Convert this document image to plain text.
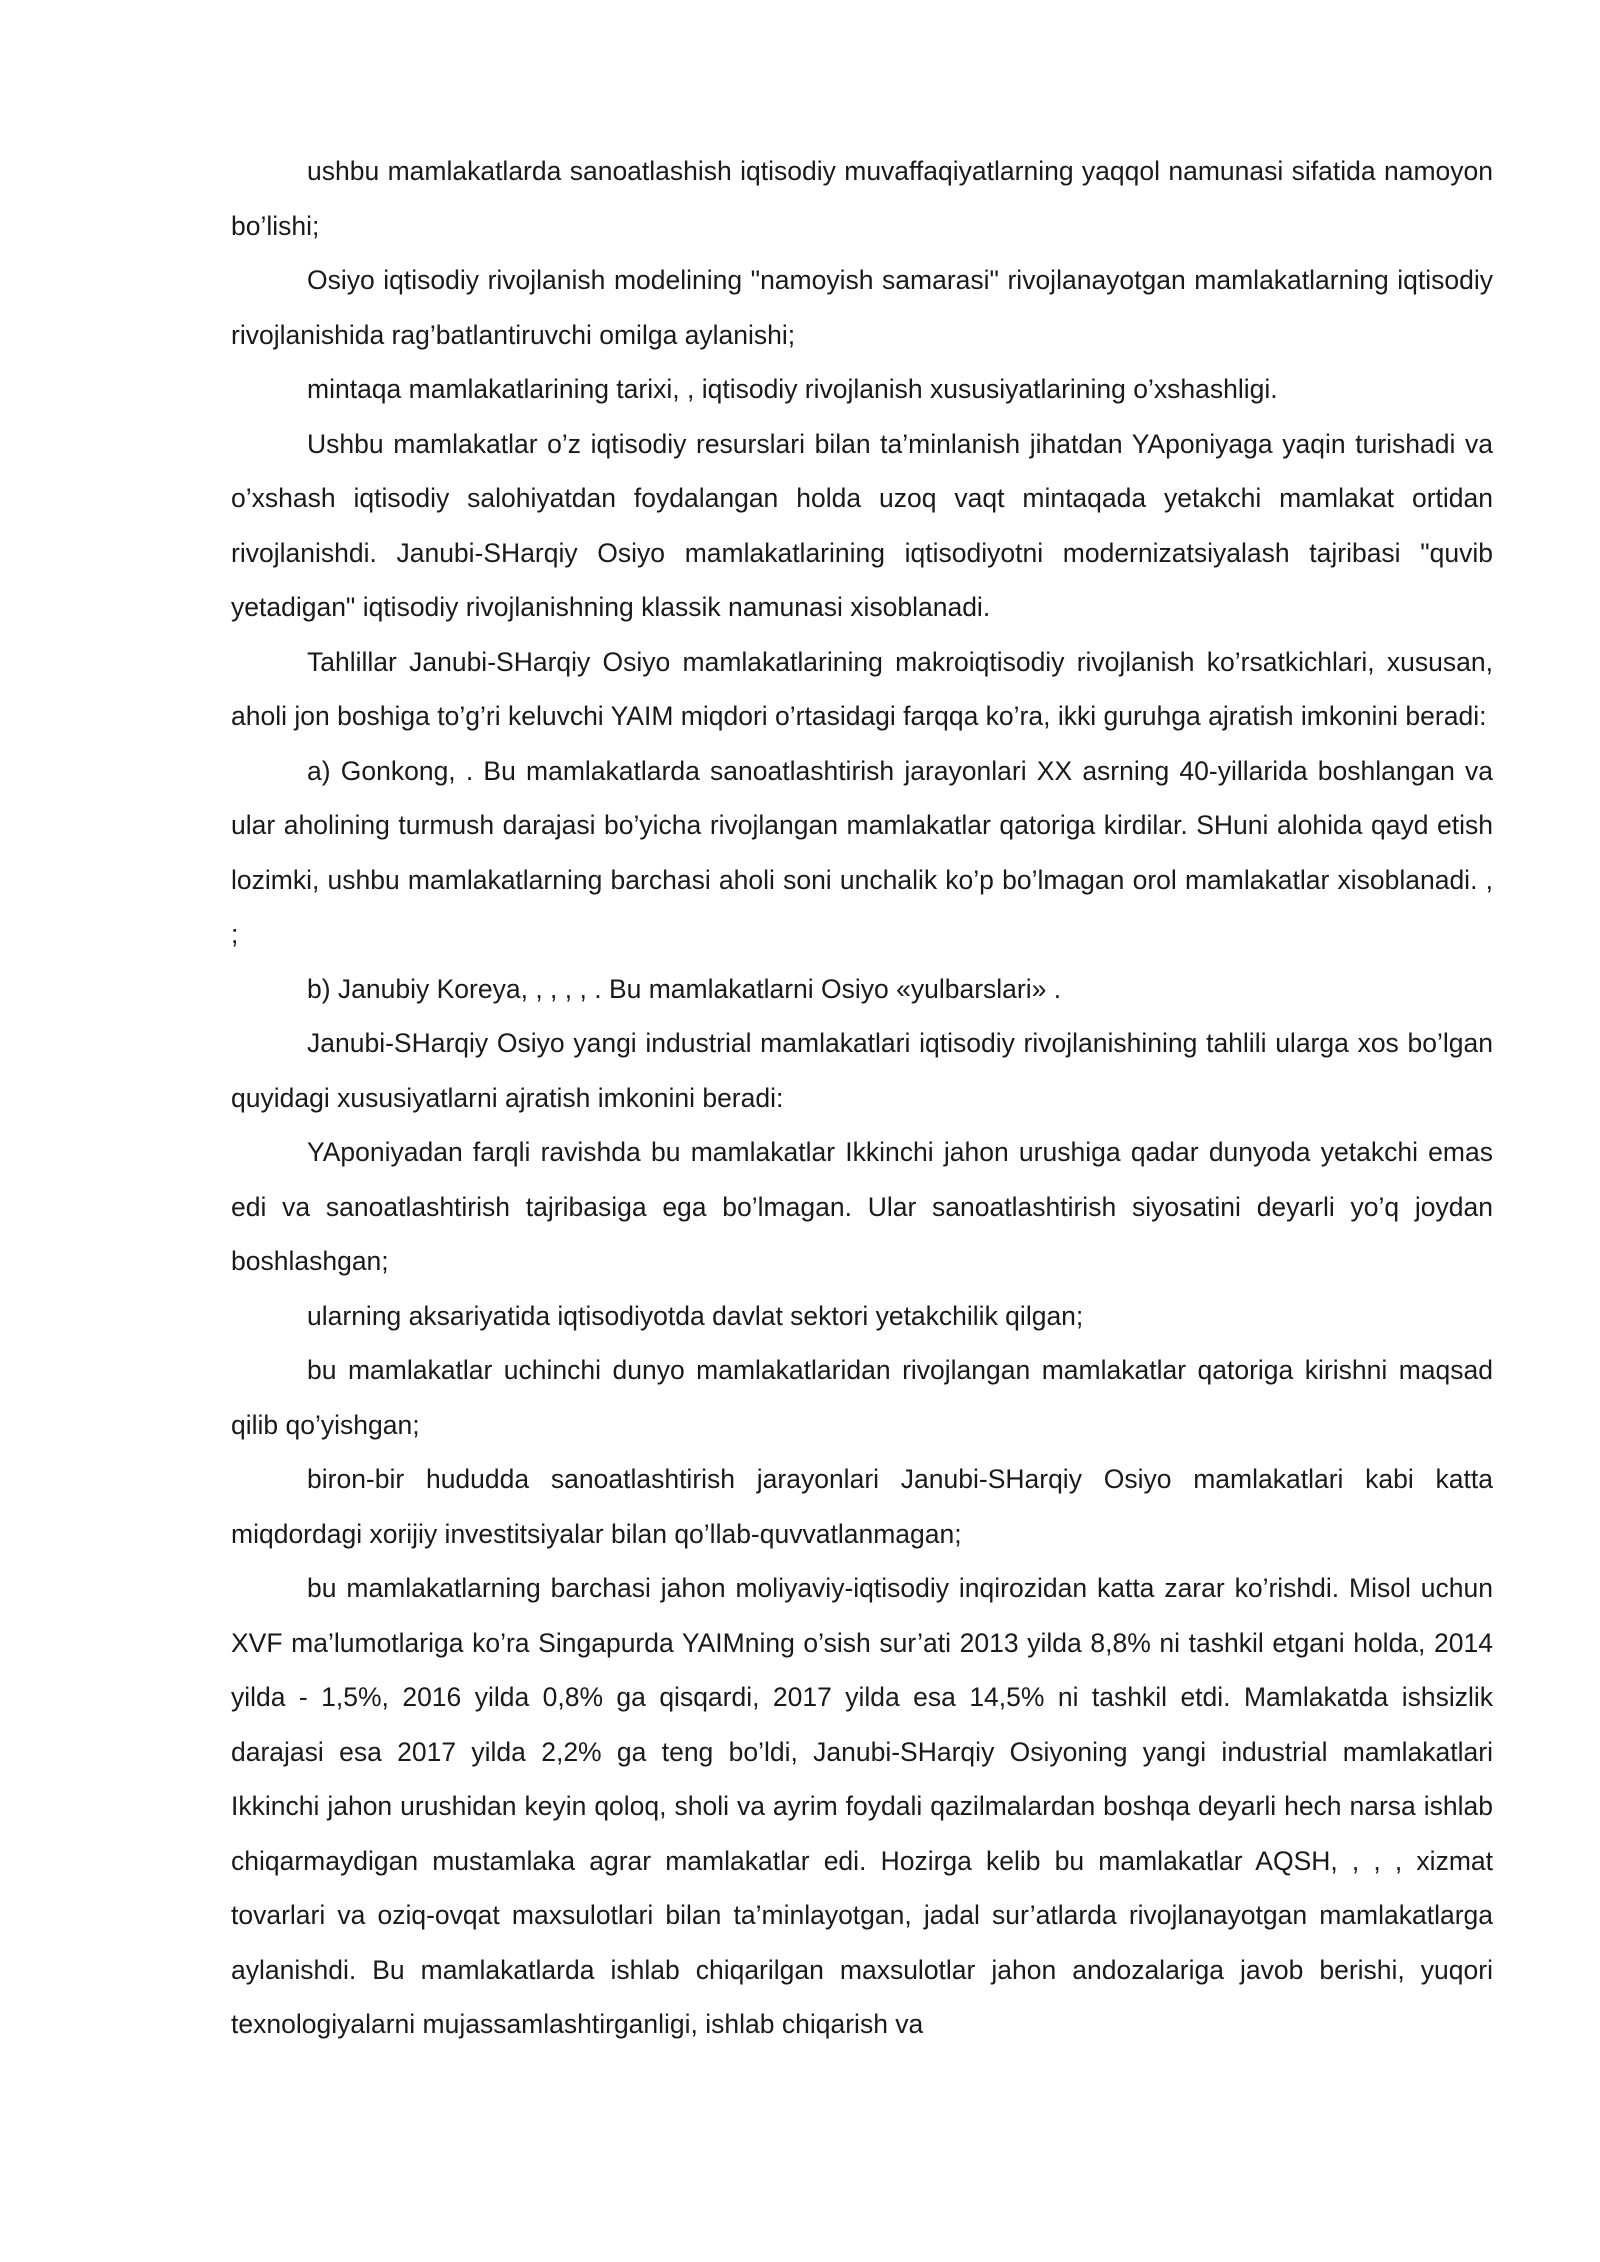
ushbu mamlakatlarda sanoatlashish iqtisodiy muvaffaqiyatlarning yaqqol namunasi sifatida namoyon bo’lishi;

Osiyo iqtisodiy rivojlanish modelining "namoyish samarasi" rivojlanayotgan mamlakatlarning iqtisodiy rivojlanishida rag’batlantiruvchi omilga aylanishi;

mintaqa mamlakatlarining tarixi, , iqtisodiy rivojlanish xususiyatlarining o’xshashligi.

Ushbu mamlakatlar o’z iqtisodiy resurslari bilan ta’minlanish jihatdan YAponiyaga yaqin turishadi va o’xshash iqtisodiy salohiyatdan foydalangan holda uzoq vaqt mintaqada yetakchi mamlakat ortidan rivojlanishdi. Janubi-SHarqiy Osiyo mamlakatlarining iqtisodiyotni modernizatsiyalash tajribasi "quvib yetadigan" iqtisodiy rivojlanishning klassik namunasi xisoblanadi.

Tahlillar Janubi-SHarqiy Osiyo mamlakatlarining makroiqtisodiy rivojlanish ko’rsatkichlari, xususan, aholi jon boshiga to’g’ri keluvchi YAIM miqdori o’rtasidagi farqqa ko’ra, ikki guruhga ajratish imkonini beradi:

a) Gonkong, . Bu mamlakatlarda sanoatlashtirish jarayonlari XX asrning 40-yillarida boshlangan va ular aholining turmush darajasi bo’yicha rivojlangan mamlakatlar qatoriga kirdilar. SHuni alohida qayd etish lozimki, ushbu mamlakatlarning barchasi aholi soni unchalik ko’p bo’lmagan orol mamlakatlar xisoblanadi. , ;

b) Janubiy Koreya, , , , , . Bu mamlakatlarni Osiyo «yulbarslari» .

Janubi-SHarqiy Osiyo yangi industrial mamlakatlari iqtisodiy rivojlanishining tahlili ularga xos bo’lgan quyidagi xususiyatlarni ajratish imkonini beradi:

YAponiyadan farqli ravishda bu mamlakatlar Ikkinchi jahon urushiga qadar dunyoda yetakchi emas edi va sanoatlashtirish tajribasiga ega bo’lmagan. Ular sanoatlashtirish siyosatini deyarli yo’q joydan boshlashgan;

ularning aksariyatida iqtisodiyotda davlat sektori yetakchilik qilgan;

bu mamlakatlar uchinchi dunyo mamlakatlaridan rivojlangan mamlakatlar qatoriga kirishni maqsad qilib qo’yishgan;

biron-bir hududda sanoatlashtirish jarayonlari Janubi-SHarqiy Osiyo mamlakatlari kabi katta miqdordagi xorijiy investitsiyalar bilan qo’llab-quvvatlanmagan;

bu mamlakatlarning barchasi jahon moliyaviy-iqtisodiy inqirozidan katta zarar ko’rishdi. Misol uchun XVF ma’lumotlariga ko’ra Singapurda YAIMning o’sish sur’ati 2013 yilda 8,8% ni tashkil etgani holda, 2014 yilda - 1,5%, 2016 yilda 0,8% ga qisqardi, 2017 yilda esa 14,5% ni tashkil etdi. Mamlakatda ishsizlik darajasi esa 2017 yilda 2,2% ga teng bo’ldi, Janubi-SHarqiy Osiyoning yangi industrial mamlakatlari Ikkinchi jahon urushidan keyin qoloq, sholi va ayrim foydali qazilmalardan boshqa deyarli hech narsa ishlab chiqarmaydigan mustamlaka agrar mamlakatlar edi. Hozirga kelib bu mamlakatlar AQSH, , , , xizmat tovarlari va oziq-ovqat maxsulotlari bilan ta’minlayotgan, jadal sur’atlarda rivojlanayotgan mamlakatlarga aylanishdi. Bu mamlakatlarda ishlab chiqarilgan maxsulotlar jahon andozalariga javob berishi, yuqori texnologiyalarni mujassamlashtirganligi, ishlab chiqarish va
